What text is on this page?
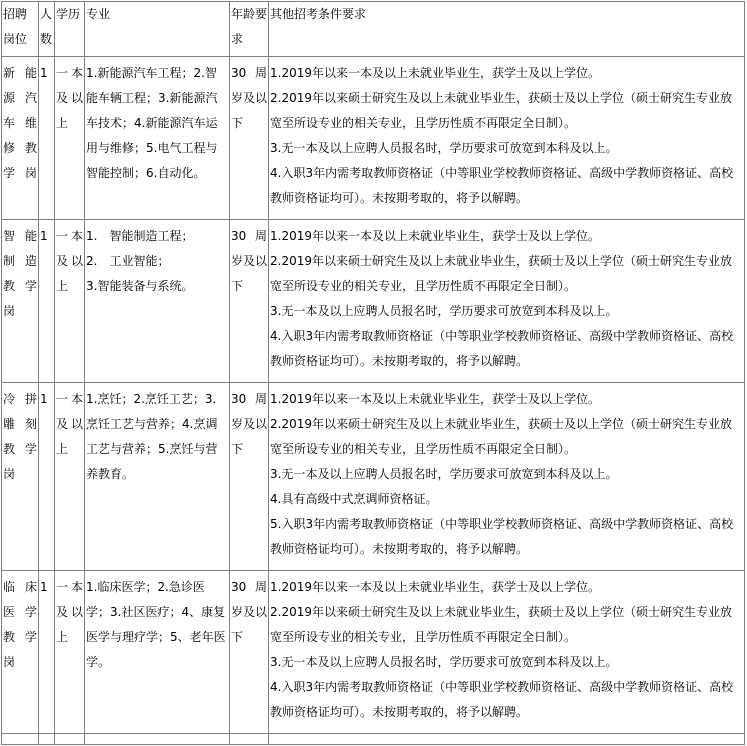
招聘岗位	人数	学历	专业	年龄要求	其他招考条件要求
新能源汽车维修教学岗	1	一本及以上	1.新能源汽车工程；2.智能车辆工程；3.新能源汽车技术；4.新能源汽车运用与维修；5.电气工程与智能控制；6.自动化。	30周岁及以下	1.2019年以来一本及以上未就业毕业生，获学士及以上学位。
2.2019年以来硕士研究生及以上未就业毕业生，获硕士及以上学位（硕士研究生专业放宽至所设专业的相关专业，且学历性质不再限定全日制）。
3.无一本及以上应聘人员报名时，学历要求可放宽到本科及以上。
4.入职3年内需考取教师资格证（中等职业学校教师资格证、高级中学教师资格证、高校教师资格证均可）。未按期考取的，将予以解聘。

智能制造教学岗	1	一本及以上	1.　智能制造工程；
2.　工业智能；
3.智能装备与系统。	30周岁及以下	1.2019年以来一本及以上未就业毕业生，获学士及以上学位。
2.2019年以来硕士研究生及以上未就业毕业生，获硕士及以上学位（硕士研究生专业放宽至所设专业的相关专业，且学历性质不再限定全日制）。
3.无一本及以上应聘人员报名时，学历要求可放宽到本科及以上。
4.入职3年内需考取教师资格证（中等职业学校教师资格证、高级中学教师资格证、高校教师资格证均可）。未按期考取的，将予以解聘。

冷拼雕刻教学岗	1	一本及以上	1.烹饪；2.烹饪工艺；3.烹饪工艺与营养；4.烹调工艺与营养；5.烹饪与营养教育。	30周岁及以下	1.2019年以来一本及以上未就业毕业生，获学士及以上学位。
2.2019年以来硕士研究生及以上未就业毕业生，获硕士及以上学位（硕士研究生专业放宽至所设专业的相关专业，且学历性质不再限定全日制）。
3.无一本及以上应聘人员报名时，学历要求可放宽到本科及以上。
4.具有高级中式烹调师资格证。
5.入职3年内需考取教师资格证（中等职业学校教师资格证、高级中学教师资格证、高校教师资格证均可）。未按期考取的，将予以解聘。

临床医学教学岗	1	一本及以上	1.临床医学；2.急诊医学；3.社区医疗；4、康复医学与理疗学；5、老年医学。	30周岁及以下	1.2019年以来一本及以上未就业毕业生，获学士及以上学位。
2.2019年以来硕士研究生及以上未就业毕业生，获硕士及以上学位（硕士研究生专业放宽至所设专业的相关专业，且学历性质不再限定全日制）。
3.无一本及以上应聘人员报名时，学历要求可放宽到本科及以上。
4.入职3年内需考取教师资格证（中等职业学校教师资格证、高级中学教师资格证、高校教师资格证均可）。未按期考取的，将予以解聘。
